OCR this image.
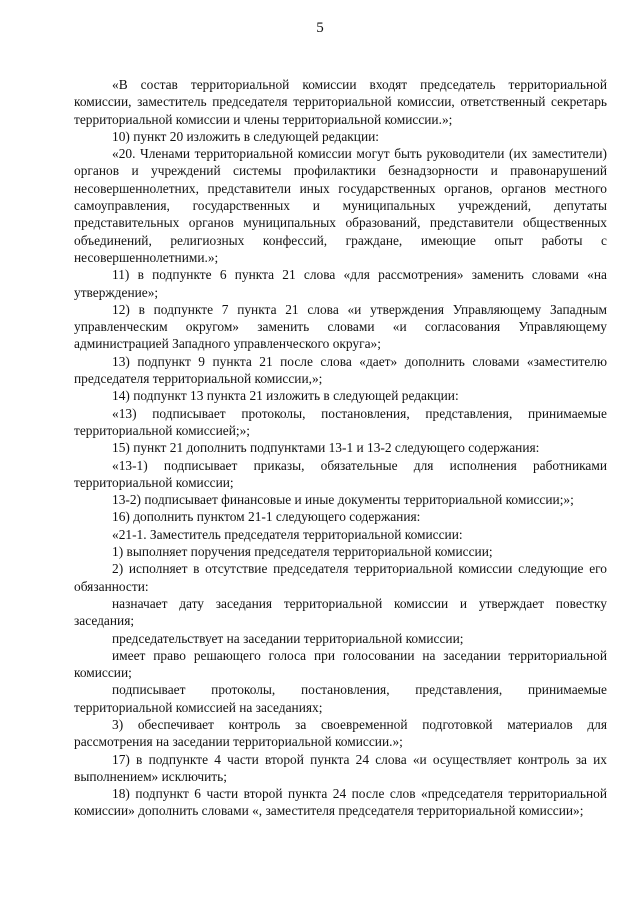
5

«В состав территориальной комиссии входят председатель территориальной комиссии, заместитель председателя территориальной комиссии, ответственный секретарь территориальной комиссии и члены территориальной комиссии.»;

10) пункт 20 изложить в следующей редакции:

«20. Членами территориальной комиссии могут быть руководители (их заместители) органов и учреждений системы профилактики безнадзорности и правонарушений несовершеннолетних, представители иных государственных органов, органов местного самоуправления, государственных и муниципальных учреждений, депутаты представительных органов муниципальных образований, представители общественных объединений, религиозных конфессий, граждане, имеющие опыт работы с несовершеннолетними.»;

11) в подпункте 6 пункта 21 слова «для рассмотрения» заменить словами «на утверждение»;

12) в подпункте 7 пункта 21 слова «и утверждения Управляющему Западным управленческим округом» заменить словами «и согласования Управляющему администрацией Западного управленческого округа»;

13) подпункт 9 пункта 21 после слова «дает» дополнить словами «заместителю председателя территориальной комиссии,»;

14) подпункт 13 пункта 21 изложить в следующей редакции:

«13) подписывает протоколы, постановления, представления, принимаемые территориальной комиссией;»;

15) пункт 21 дополнить подпунктами 13-1 и 13-2 следующего содержания:

«13-1) подписывает приказы, обязательные для исполнения работниками территориальной комиссии;

13-2) подписывает финансовые и иные документы территориальной комиссии;»;

16) дополнить пунктом 21-1 следующего содержания:

«21-1. Заместитель председателя территориальной комиссии:

1) выполняет поручения председателя территориальной комиссии;

2) исполняет в отсутствие председателя территориальной комиссии следующие его обязанности:

назначает дату заседания территориальной комиссии и утверждает повестку заседания;

председательствует на заседании территориальной комиссии;

имеет право решающего голоса при голосовании на заседании территориальной комиссии;

подписывает протоколы, постановления, представления, принимаемые территориальной комиссией на заседаниях;

3) обеспечивает контроль за своевременной подготовкой материалов для рассмотрения на заседании территориальной комиссии.»;

17) в подпункте 4 части второй пункта 24 слова «и осуществляет контроль за их выполнением» исключить;

18) подпункт 6 части второй пункта 24 после слов «председателя территориальной комиссии» дополнить словами «, заместителя председателя территориальной комиссии»;
